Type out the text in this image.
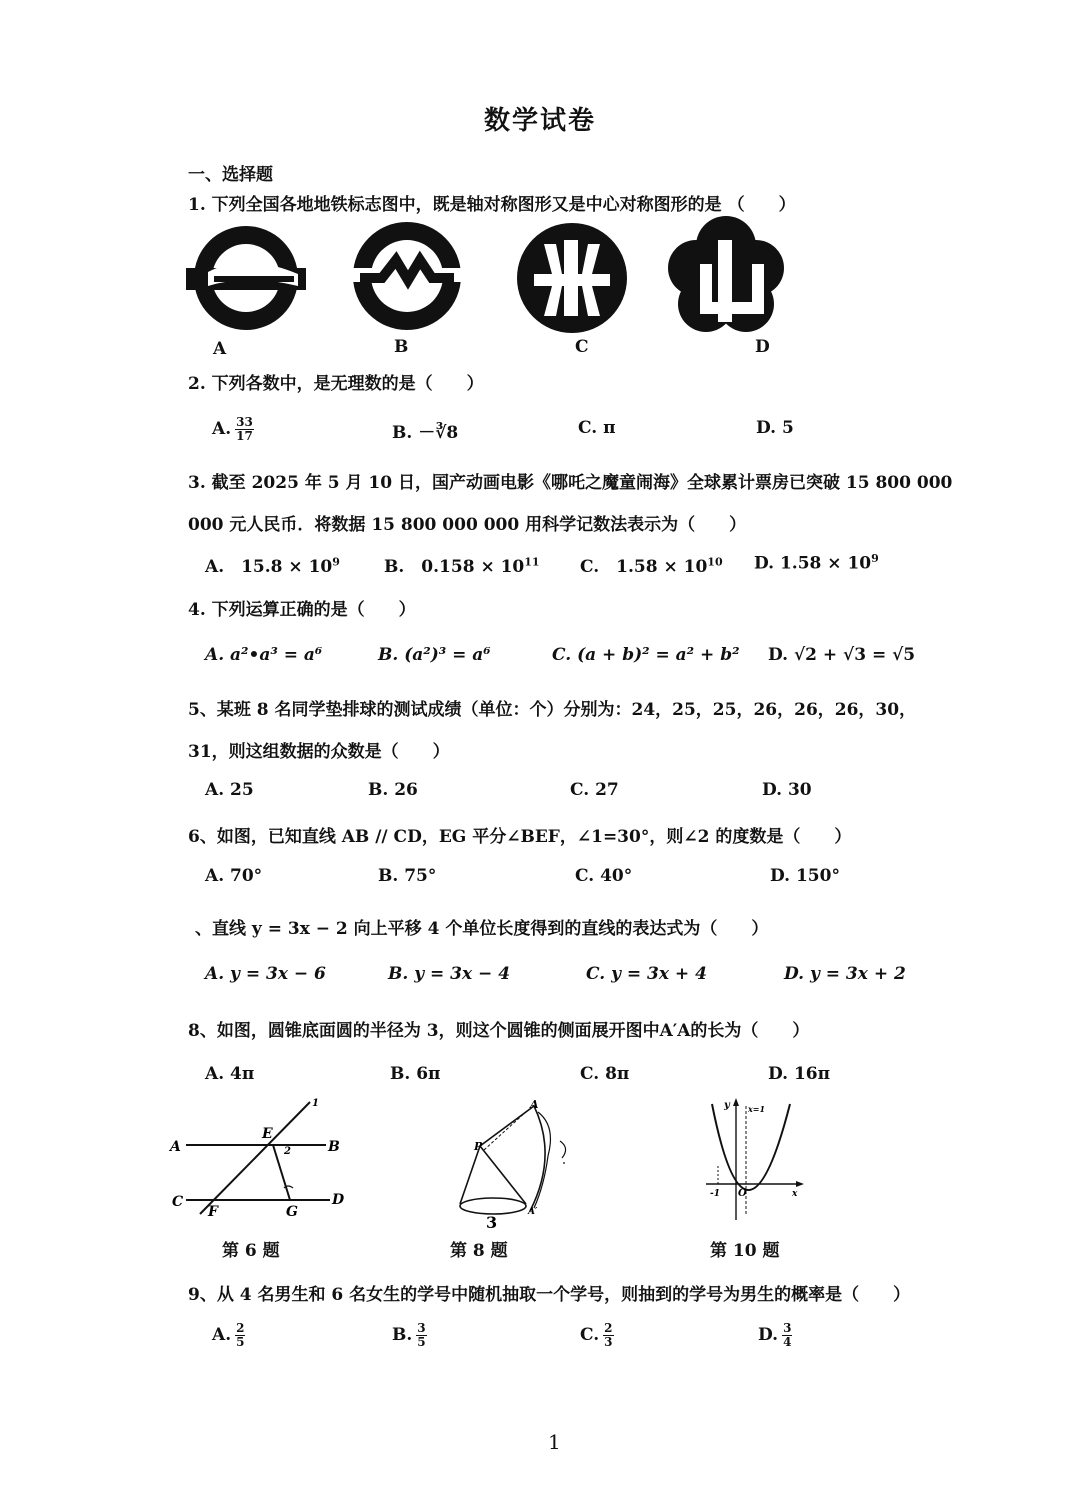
数学试卷
一、选择题
1. 下列全国各地地铁标志图中，既是轴对称图形又是中心对称图形的是 （　　）
A	B	C	D
2. 下列各数中，是无理数的是（　　）
A. $\frac{33}{17}$	B. －∛8	C. π	D. 5
3. 截至 2025 年 5 月 10 日，国产动画电影《哪吒之魔童闹海》全球累计票房已突破 15 800 000
000 元人民币．将数据 15 800 000 000 用科学记数法表示为（　　）
A.　$15.8 \times 10^9$	B.　$0.158 \times 10^{11}$ C.　$1.58 \times 10^{10}$ D. $1.58 \times 10^9$
4. 下列运算正确的是（　　）
A. a²•a³ = a⁶	B. (a²)³ = a⁶	C. (a + b)² = a² + b² D. √2 + √3 = √5
5、某班 8 名同学垫排球的测试成绩（单位：个）分别为：24，25，25，26，26，26，30，
31，则这组数据的众数是（　　）
A. 25	B. 26	C. 27	D. 30
6、如图，已知直线 AB // CD，EG 平分∠BEF，∠1=30°，则∠2 的度数是（　　）
A. 70°	B. 75°	C. 40°	D. 150°
、直线 y = 3x − 2 向上平移 4 个单位长度得到的直线的表达式为（　　）
A. y = 3x − 6	B. y = 3x − 4	C. y = 3x + 4	D. y = 3x + 2
8、如图，圆锥底面圆的半径为 3，则这个圆锥的侧面展开图中A′A的长为（　　）
A. 4π	B. 6π	C. 8π	D. 16π
A	B
C	D
E
F	G
1
2
第 6 题
A
P
A′
3
第 8 题
y x=1
-1 O	x
第 10 题
9、从 4 名男生和 6 名女生的学号中随机抽取一个学号，则抽到的学号为男生的概率是（　　）
A. $\frac{2}{5}$	B. $\frac{3}{5}$	C. $\frac{2}{3}$	D. $\frac{3}{4}$
1
